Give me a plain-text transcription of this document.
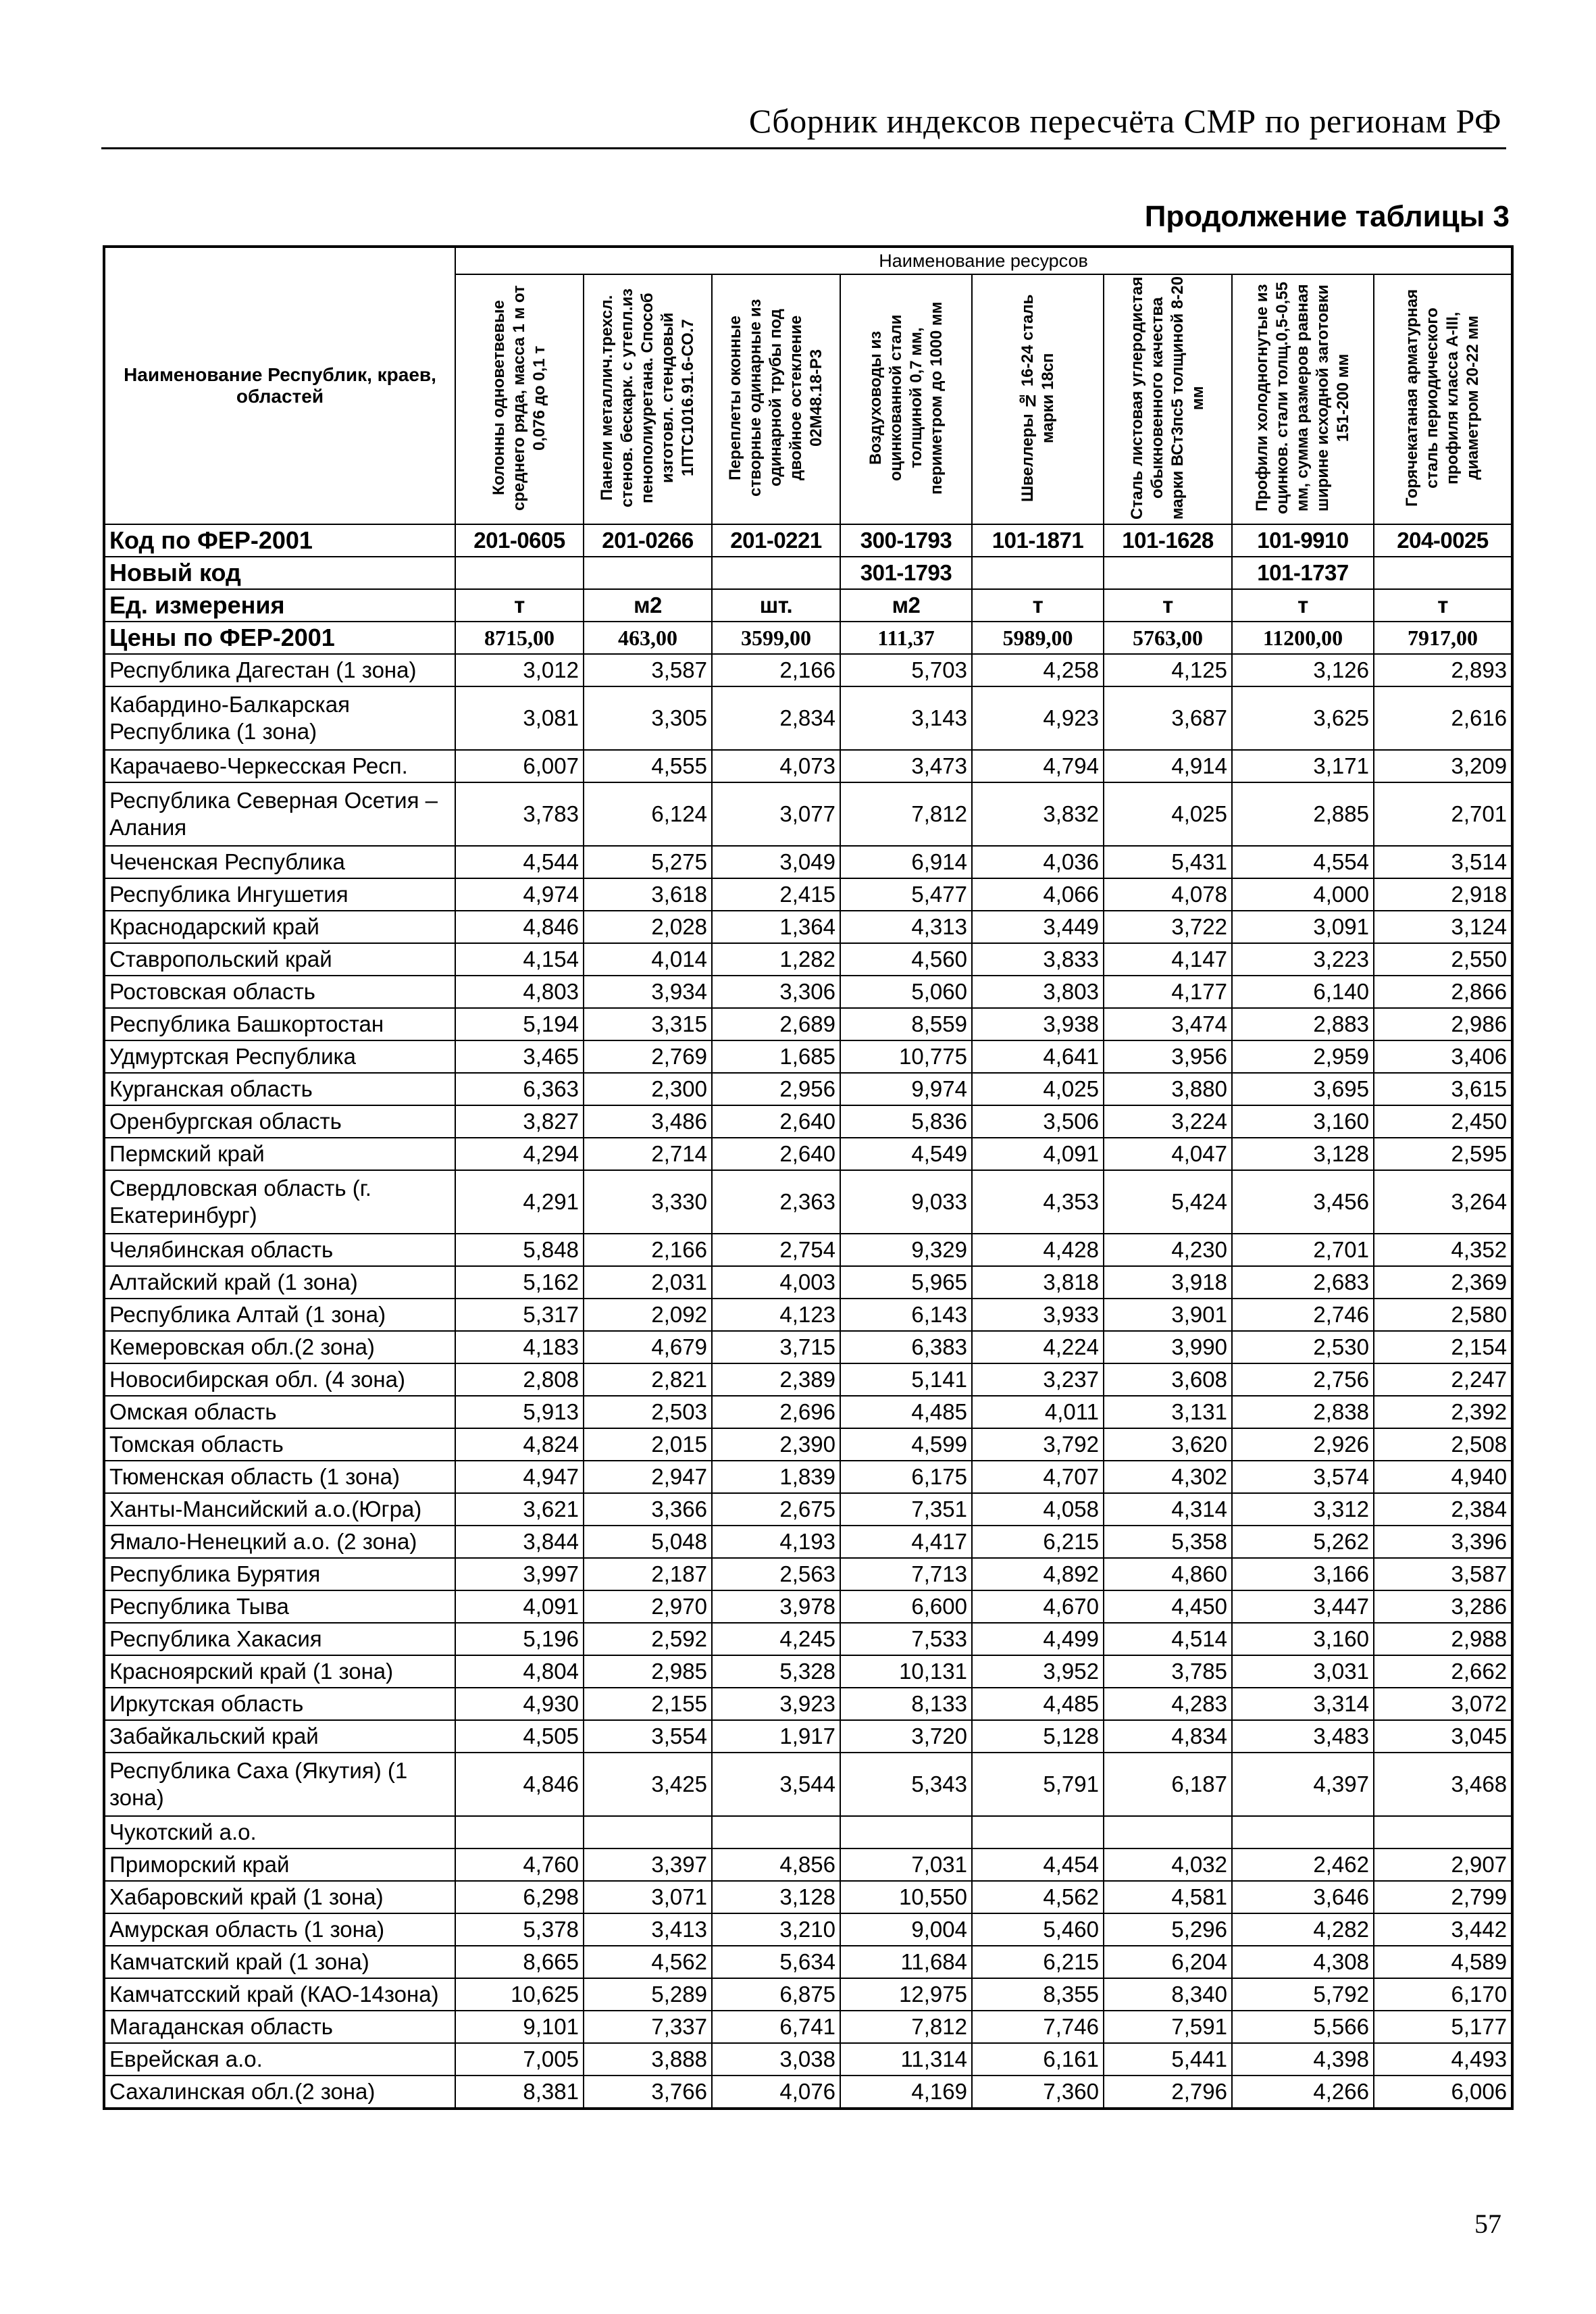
Сборник индексов пересчёта СМР по регионам РФ
Продолжение таблицы 3
Наименование Республик, краев, областей	Наименование ресурсов							
	Колонны одноветвевые среднего ряда, масса 1 м от 0,076 до 0,1 т	Панели металлич.трехсл. стенов. бескарк. с утепл.из пенополиуретана. Способ изготовл. стендовый 1ПТС1016.91.6-СО.7	Переплеты оконные створные одинарные из одинарной трубы под двойное остекление 02М48.18-Р3	Воздуховоды из оцинкованной стали толщиной 0,7 мм, периметром до 1000 мм	Швеллеры № 16-24 сталь марки 18сп	Сталь листовая углеродистая обыкновенного качества марки ВСт3пс5 толщиной 8-20 мм	Профили холодногнутые из оцинков. стали толщ.0,5-0,55 мм, сумма размеров равная ширине исходной заготовки 151-200 мм	Горячекатаная арматурная сталь периодического профиля класса А-III, диаметром 20-22 мм
Код по ФЕР-2001	201-0605	201-0266	201-0221	300-1793	101-1871	101-1628	101-9910	204-0025
Новый код				301-1793			101-1737	
Ед. измерения	т	м2	шт.	м2	т	т	т	т
Цены по ФЕР-2001	8715,00	463,00	3599,00	111,37	5989,00	5763,00	11200,00	7917,00
Республика Дагестан (1 зона)	3,012	3,587	2,166	5,703	4,258	4,125	3,126	2,893
Кабардино-Балкарская Республика (1 зона)	3,081	3,305	2,834	3,143	4,923	3,687	3,625	2,616
Карачаево-Черкесская Респ.	6,007	4,555	4,073	3,473	4,794	4,914	3,171	3,209
Республика Северная Осетия – Алания	3,783	6,124	3,077	7,812	3,832	4,025	2,885	2,701
Чеченская Республика	4,544	5,275	3,049	6,914	4,036	5,431	4,554	3,514
Республика Ингушетия	4,974	3,618	2,415	5,477	4,066	4,078	4,000	2,918
Краснодарский край	4,846	2,028	1,364	4,313	3,449	3,722	3,091	3,124
Ставропольский край	4,154	4,014	1,282	4,560	3,833	4,147	3,223	2,550
Ростовская область	4,803	3,934	3,306	5,060	3,803	4,177	6,140	2,866
Республика Башкортостан	5,194	3,315	2,689	8,559	3,938	3,474	2,883	2,986
Удмуртская Республика	3,465	2,769	1,685	10,775	4,641	3,956	2,959	3,406
Курганская область	6,363	2,300	2,956	9,974	4,025	3,880	3,695	3,615
Оренбургская область	3,827	3,486	2,640	5,836	3,506	3,224	3,160	2,450
Пермский край	4,294	2,714	2,640	4,549	4,091	4,047	3,128	2,595
Свердловская область (г. Екатеринбург)	4,291	3,330	2,363	9,033	4,353	5,424	3,456	3,264
Челябинская область	5,848	2,166	2,754	9,329	4,428	4,230	2,701	4,352
Алтайский край (1 зона)	5,162	2,031	4,003	5,965	3,818	3,918	2,683	2,369
Республика Алтай (1 зона)	5,317	2,092	4,123	6,143	3,933	3,901	2,746	2,580
Кемеровская обл.(2 зона)	4,183	4,679	3,715	6,383	4,224	3,990	2,530	2,154
Новосибирская обл. (4 зона)	2,808	2,821	2,389	5,141	3,237	3,608	2,756	2,247
Омская область	5,913	2,503	2,696	4,485	4,011	3,131	2,838	2,392
Томская область	4,824	2,015	2,390	4,599	3,792	3,620	2,926	2,508
Тюменская область (1 зона)	4,947	2,947	1,839	6,175	4,707	4,302	3,574	4,940
Ханты-Мансийский а.о.(Югра)	3,621	3,366	2,675	7,351	4,058	4,314	3,312	2,384
Ямало-Ненецкий а.о. (2 зона)	3,844	5,048	4,193	4,417	6,215	5,358	5,262	3,396
Республика Бурятия	3,997	2,187	2,563	7,713	4,892	4,860	3,166	3,587
Республика Тыва	4,091	2,970	3,978	6,600	4,670	4,450	3,447	3,286
Республика Хакасия	5,196	2,592	4,245	7,533	4,499	4,514	3,160	2,988
Красноярский край (1 зона)	4,804	2,985	5,328	10,131	3,952	3,785	3,031	2,662
Иркутская область	4,930	2,155	3,923	8,133	4,485	4,283	3,314	3,072
Забайкальский край	4,505	3,554	1,917	3,720	5,128	4,834	3,483	3,045
Республика Саха (Якутия) (1 зона)	4,846	3,425	3,544	5,343	5,791	6,187	4,397	3,468
Чукотский а.о.								
Приморский край	4,760	3,397	4,856	7,031	4,454	4,032	2,462	2,907
Хабаровский край (1 зона)	6,298	3,071	3,128	10,550	4,562	4,581	3,646	2,799
Амурская область (1 зона)	5,378	3,413	3,210	9,004	5,460	5,296	4,282	3,442
Камчатский край (1 зона)	8,665	4,562	5,634	11,684	6,215	6,204	4,308	4,589
Камчатсский край (КАО-14зона)	10,625	5,289	6,875	12,975	8,355	8,340	5,792	6,170
Магаданская область	9,101	7,337	6,741	7,812	7,746	7,591	5,566	5,177
Еврейская а.о.	7,005	3,888	3,038	11,314	6,161	5,441	4,398	4,493
Сахалинская обл.(2 зона)	8,381	3,766	4,076	4,169	7,360	2,796	4,266	6,006
57
